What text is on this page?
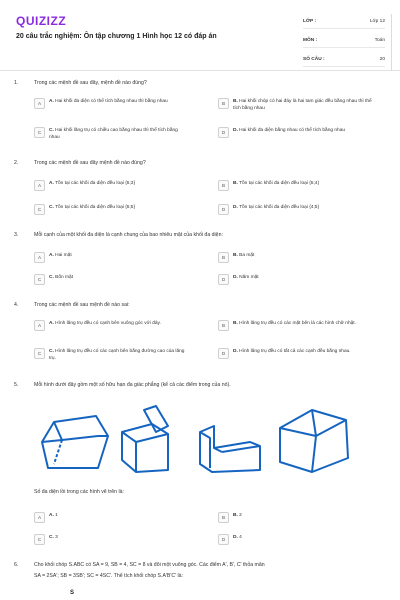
QUIZIZZ
20 câu trắc nghiệm: Ôn tập chương 1 Hình học 12 có đáp án
LỚP :	Lớp 12
MÔN :	Toán
SỐ CÂU :	20
1.	Trong các mệnh đề sau đây, mệnh đề nào đúng?
A	A. Hai khối đa diện có thể tích bằng nhau thì bằng nhau	B	B. Hai khối chóp có hai đáy là hai tam giác đều bằng nhau thì thể tích bằng nhau
C	C. Hai khối lăng trụ có chiều cao bằng nhau thì thể tích bằng nhau
D	D. Hai khối đa diện bằng nhau có thể tích bằng nhau
2.	Trong các mệnh đề sau đây mệnh đề nào đúng?
A	A. Tồn tại các khối đa diện đều loại {5;3}	B	B. Tồn tại các khối đa diện đều loại {5;4}
C	C. Tồn tại các khối đa diện đều loại {5;5}	D	D. Tồn tại các khối đa diện đều loại {4;5}
3.	Mỗi cạnh của một khối đa diện là cạnh chung của bao nhiêu mặt của khối đa diện:
A	A. Hai mặt	B	B. Ba mặt
C	C. Bốn mặt	D	D. Năm mặt
4.	Trong các mệnh đề sau mệnh đề nào sai:
A	A. Hình lăng trụ đều có cạnh bên vuông góc với đáy.	B	B. Hình lăng trụ đều có các mặt bên là các hình chữ nhật.
C	C. Hình lăng trụ đều có các cạnh bên bằng đường cao của lăng trụ.
D	D. Hình lăng trụ đều có tất cả các cạnh đều bằng nhau.
5.	Mỗi hình dưới đây gồm một số hữu hạn đa giác phẳng (kể cả các điểm trong của nó).
Số đa diện lồi trong các hình vẽ trên là:
A	A. 1	B	B. 2
C	C. 3	D	D. 4
6.	Cho khối chóp S.ABC có SA = 9, SB = 4, SC = 8 và đôi một vuông góc. Các điểm A', B', C' thỏa mãn
SA = 2SA'; SB = 3SB'; SC = 4SC'. Thể tích khối chóp S.A'B'C' là:
S
